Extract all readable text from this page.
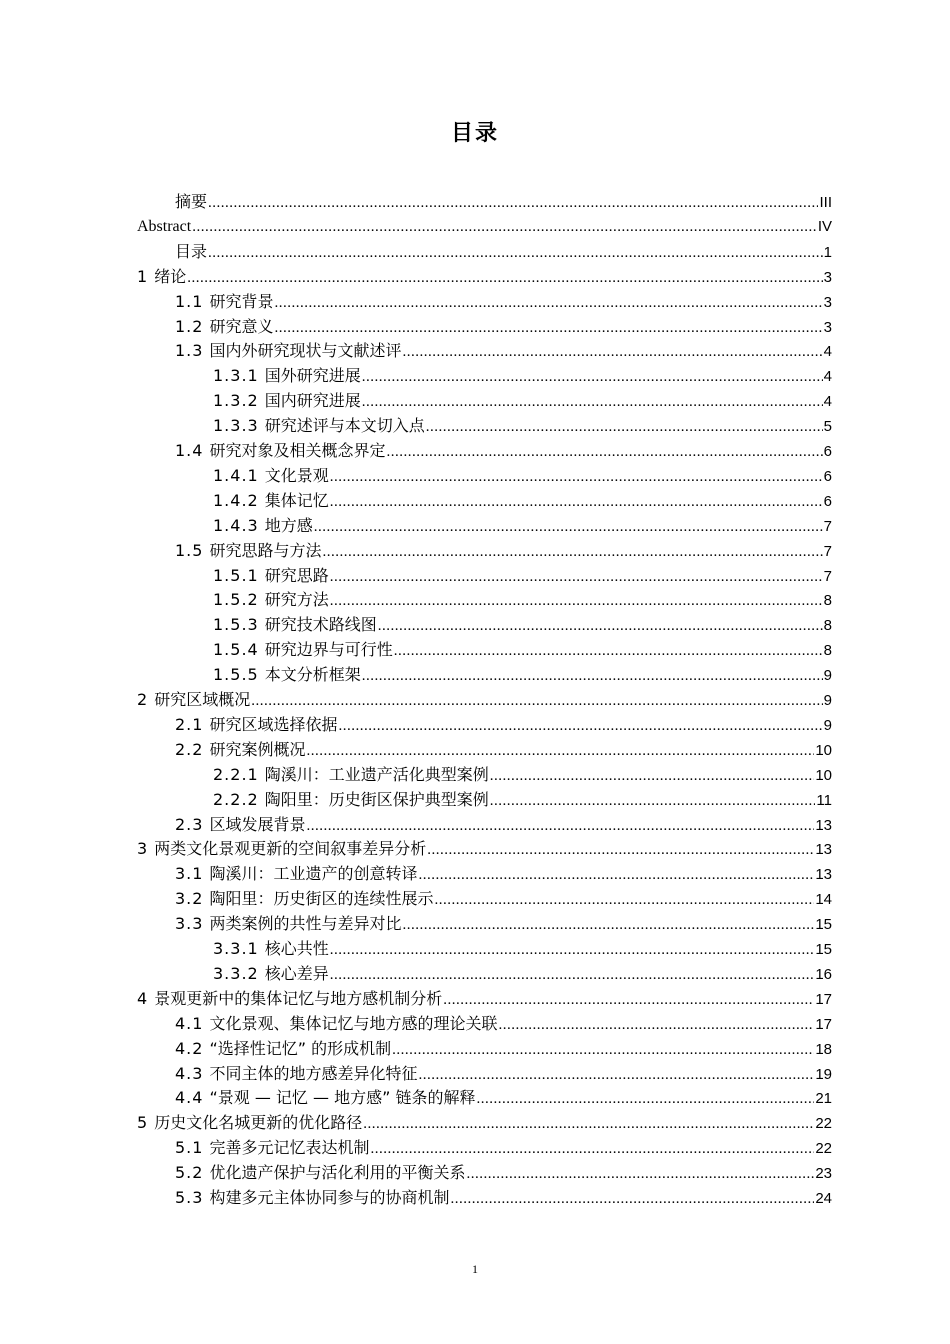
目录
摘要 .....	III
Abstract .....	IV
目录 .....	1
1 绪论 .....	3
1.1 研究背景 .....	3
1.2 研究意义 .....	3
1.3 国内外研究现状与文献述评 .....	4
1.3.1 国外研究进展 .....	4
1.3.2 国内研究进展 .....	4
1.3.3 研究述评与本文切入点 .....	5
1.4 研究对象及相关概念界定 .....	6
1.4.1 文化景观 .....	6
1.4.2 集体记忆 .....	6
1.4.3 地方感 .....	7
1.5 研究思路与方法 .....	7
1.5.1 研究思路 .....	7
1.5.2 研究方法 .....	8
1.5.3 研究技术路线图 .....	8
1.5.4 研究边界与可行性 .....	8
1.5.5 本文分析框架 .....	9
2 研究区域概况 .....	9
2.1 研究区域选择依据 .....	9
2.2 研究案例概况 .....	10
2.2.1 陶溪川：工业遗产活化典型案例 .....	10
2.2.2 陶阳里：历史街区保护典型案例 .....	11
2.3 区域发展背景 .....	13
3 两类文化景观更新的空间叙事差异分析 .....	13
3.1 陶溪川：工业遗产的创意转译 .....	13
3.2 陶阳里：历史街区的连续性展示 .....	14
3.3 两类案例的共性与差异对比 .....	15
3.3.1 核心共性 .....	15
3.3.2 核心差异 .....	16
4 景观更新中的集体记忆与地方感机制分析 .....	17
4.1 文化景观、集体记忆与地方感的理论关联 .....	17
4.2 “选择性记忆” 的形成机制 .....	18
4.3 不同主体的地方感差异化特征 .....	19
4.4 “景观 — 记忆 — 地方感” 链条的解释 .....	21
5 历史文化名城更新的优化路径 .....	22
5.1 完善多元记忆表达机制 .....	22
5.2 优化遗产保护与活化利用的平衡关系 .....	23
5.3 构建多元主体协同参与的协商机制 .....	24
1
